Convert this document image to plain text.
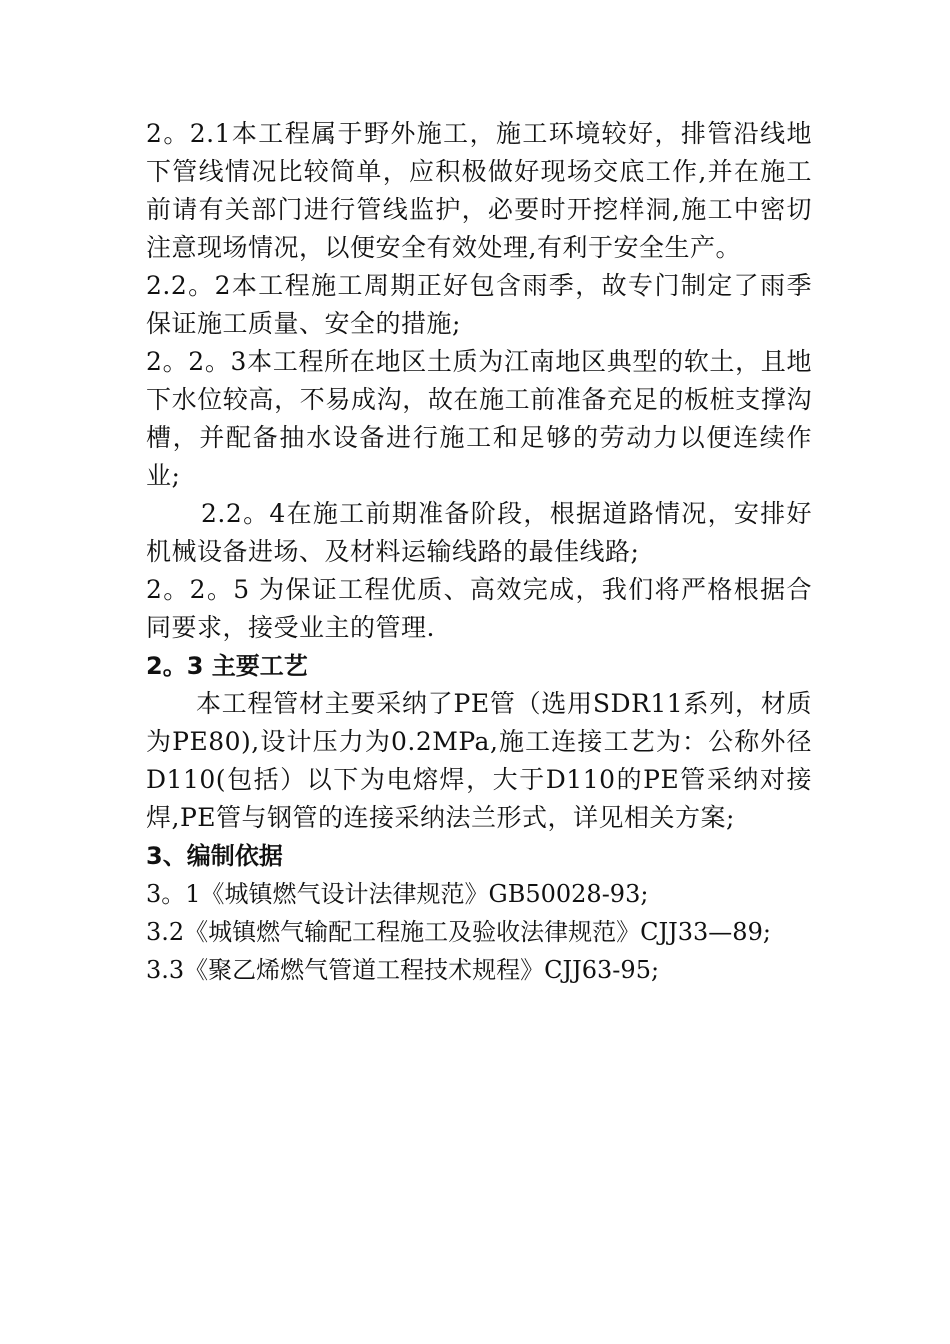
2。2.1本工程属于野外施工，施工环境较好，排管沿线地下管线情况比较简单，应积极做好现场交底工作,并在施工前请有关部门进行管线监护，必要时开挖样洞,施工中密切注意现场情况，以便安全有效处理,有利于安全生产。

2.2。2本工程施工周期正好包含雨季，故专门制定了雨季保证施工质量、安全的措施;

2。2。3本工程所在地区土质为江南地区典型的软土，且地下水位较高，不易成沟，故在施工前准备充足的板桩支撑沟槽，并配备抽水设备进行施工和足够的劳动力以便连续作业;

2.2。4在施工前期准备阶段，根据道路情况，安排好机械设备进场、及材料运输线路的最佳线路;

2。2。5 为保证工程优质、高效完成，我们将严格根据合同要求，接受业主的管理.

2。3 主要工艺

本工程管材主要采纳了PE管（选用SDR11系列，材质为PE80),设计压力为0.2MPa,施工连接工艺为：公称外径D110(包括）以下为电熔焊，大于D110的PE管采纳对接焊,PE管与钢管的连接采纳法兰形式，详见相关方案;

3、编制依据

3。1《城镇燃气设计法律规范》GB50028-93;

3.2《城镇燃气输配工程施工及验收法律规范》CJJ33—89;

3.3《聚乙烯燃气管道工程技术规程》CJJ63-95;
